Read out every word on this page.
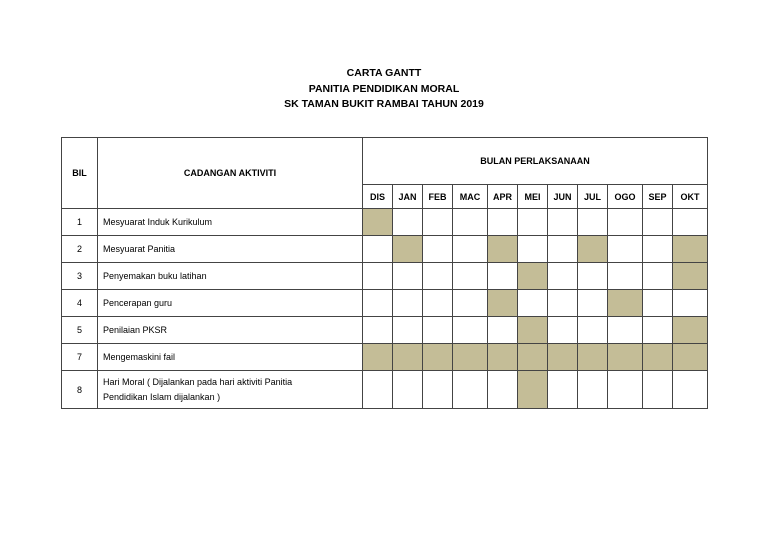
CARTA GANTT
PANITIA PENDIDIKAN MORAL
SK TAMAN BUKIT RAMBAI TAHUN 2019
BIL	CADANGAN AKTIVITI	BULAN PERLAKSANAAN										
		DIS	JAN	FEB	MAC	APR	MEI	JUN	JUL	OGO	SEP	OKT
1	Mesyuarat Induk Kurikulum											

2	Mesyuarat Panitia											

3	Penyemakan buku latihan											

4	Pencerapan guru											

5	Penilaian PKSR											

7	Mengemaskini fail											

8	Hari Moral ( Dijalankan pada hari aktiviti Panitia
Pendidikan Islam dijalankan )											
